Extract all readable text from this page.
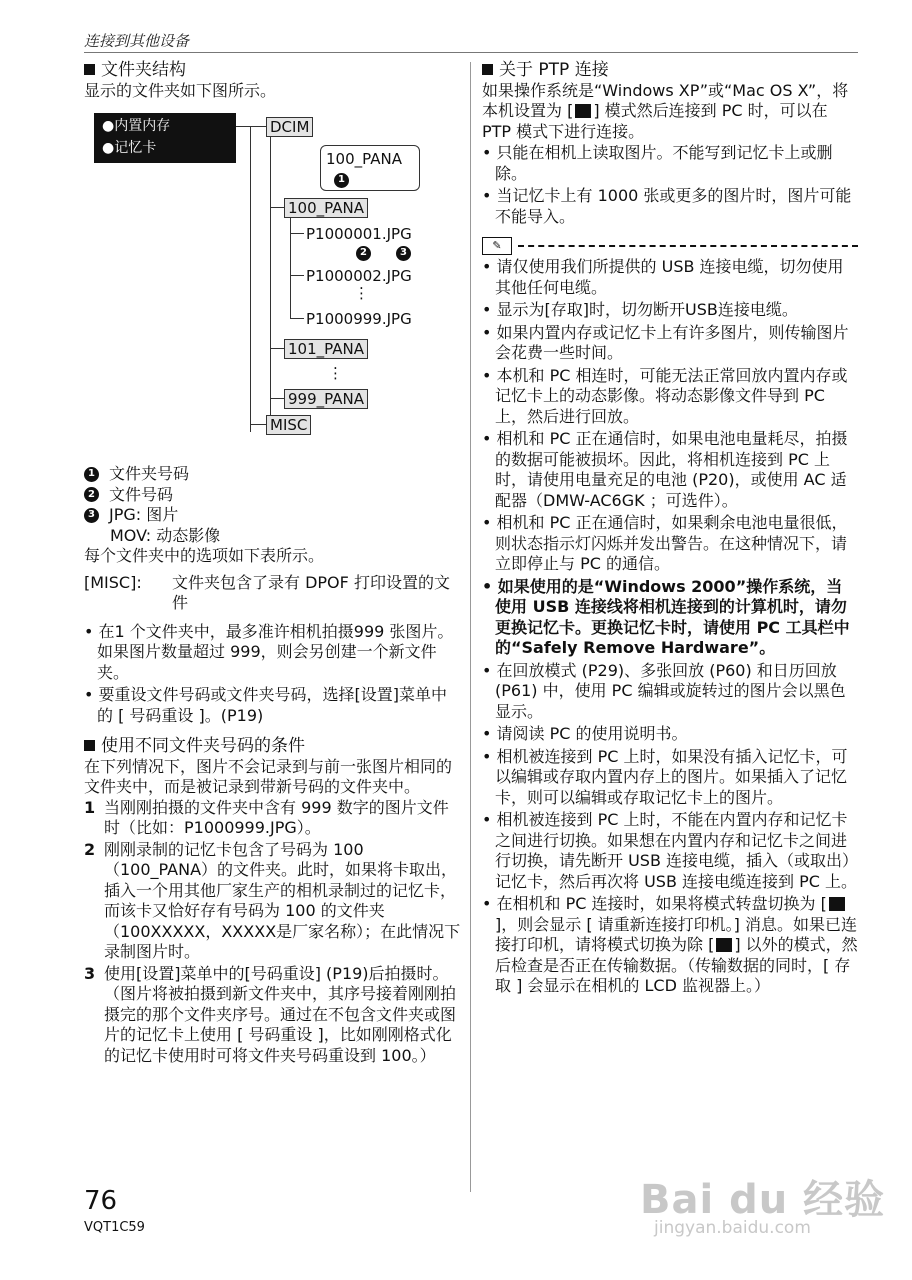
连接到其他设备
文件夹结构

显示的文件夹如下图所示。

●内置内存
●记忆卡
DCIM
100_PANA
1
100_PANA
P1000001.JPG
2	3
P1000002.JPG
⋮
P1000999.JPG
101_PANA
⋮
999_PANA
MISC
1 文件夹号码
2 文件号码
3 JPG: 图片
MOV: 动态影像

每个文件夹中的选项如下表所示。

[MISC]:	文件夹包含了录有 DPOF 打印设置的文件

• 在1 个文件夹中，最多准许相机拍摄999 张图片。如果图片数量超过 999，则会另创建一个新文件夹。

• 要重设文件号码或文件夹号码，选择[设置]菜单中的 [ 号码重设 ]。(P19)

使用不同文件夹号码的条件

在下列情况下，图片不会记录到与前一张图片相同的文件夹中，而是被记录到带新号码的文件夹中。

1 当刚刚拍摄的文件夹中含有 999 数字的图片文件时（比如：P1000999.JPG）。
2 刚刚录制的记忆卡包含了号码为 100（100_PANA）的文件夹。此时，如果将卡取出，插入一个用其他厂家生产的相机录制过的记忆卡，而该卡又恰好存有号码为 100 的文件夹（100XXXXX，XXXXX是厂家名称）；在此情况下录制图片时。
3 使用[设置]菜单中的[号码重设] (P19)后拍摄时。（图片将被拍摄到新文件夹中，其序号接着刚刚拍摄完的那个文件夹序号。通过在不包含文件夹或图片的记忆卡上使用 [ 号码重设 ]，比如刚刚格式化的记忆卡使用时可将文件夹号码重设到 100。）
关于 PTP 连接

如果操作系统是“Windows XP”或“Mac OS X”，将本机设置为 [ ] 模式然后连接到 PC 时，可以在 PTP 模式下进行连接。

• 只能在相机上读取图片。不能写到记忆卡上或删除。

• 当记忆卡上有 1000 张或更多的图片时，图片可能不能导入。

✎

• 请仅使用我们所提供的 USB 连接电缆，切勿使用其他任何电缆。

• 显示为[存取]时，切勿断开USB连接电缆。

• 如果内置内存或记忆卡上有许多图片，则传输图片会花费一些时间。

• 本机和 PC 相连时，可能无法正常回放内置内存或记忆卡上的动态影像。将动态影像文件导到 PC 上，然后进行回放。

• 相机和 PC 正在通信时，如果电池电量耗尽，拍摄的数据可能被损坏。因此，将相机连接到 PC 上时，请使用电量充足的电池 (P20)，或使用 AC 适配器（DMW-AC6GK ；可选件）。

• 相机和 PC 正在通信时，如果剩余电池电量很低，则状态指示灯闪烁并发出警告。在这种情况下，请立即停止与 PC 的通信。

• 如果使用的是“Windows 2000”操作系统，当使用 USB 连接线将相机连接到的计算机时，请勿更换记忆卡。更换记忆卡时，请使用 PC 工具栏中的“Safely Remove Hardware”。

• 在回放模式 (P29)、多张回放 (P60) 和日历回放 (P61) 中，使用 PC 编辑或旋转过的图片会以黑色显示。

• 请阅读 PC 的使用说明书。

• 相机被连接到 PC 上时，如果没有插入记忆卡，可以编辑或存取内置内存上的图片。如果插入了记忆卡，则可以编辑或存取记忆卡上的图片。

• 相机被连接到 PC 上时，不能在内置内存和记忆卡之间进行切换。如果想在内置内存和记忆卡之间进行切换，请先断开 USB 连接电缆，插入（或取出）记忆卡，然后再次将 USB 连接电缆连接到 PC 上。

• 在相机和 PC 连接时，如果将模式转盘切换为 []，则会显示 [ 请重新连接打印机。] 消息。如果已连接打印机，请将模式切换为除 [ ] 以外的模式，然后检查是否正在传输数据。（传输数据的同时，[ 存取 ] 会显示在相机的 LCD 监视器上。）

76
VQT1C59
Bai du 经验
jingyan.baidu.com
